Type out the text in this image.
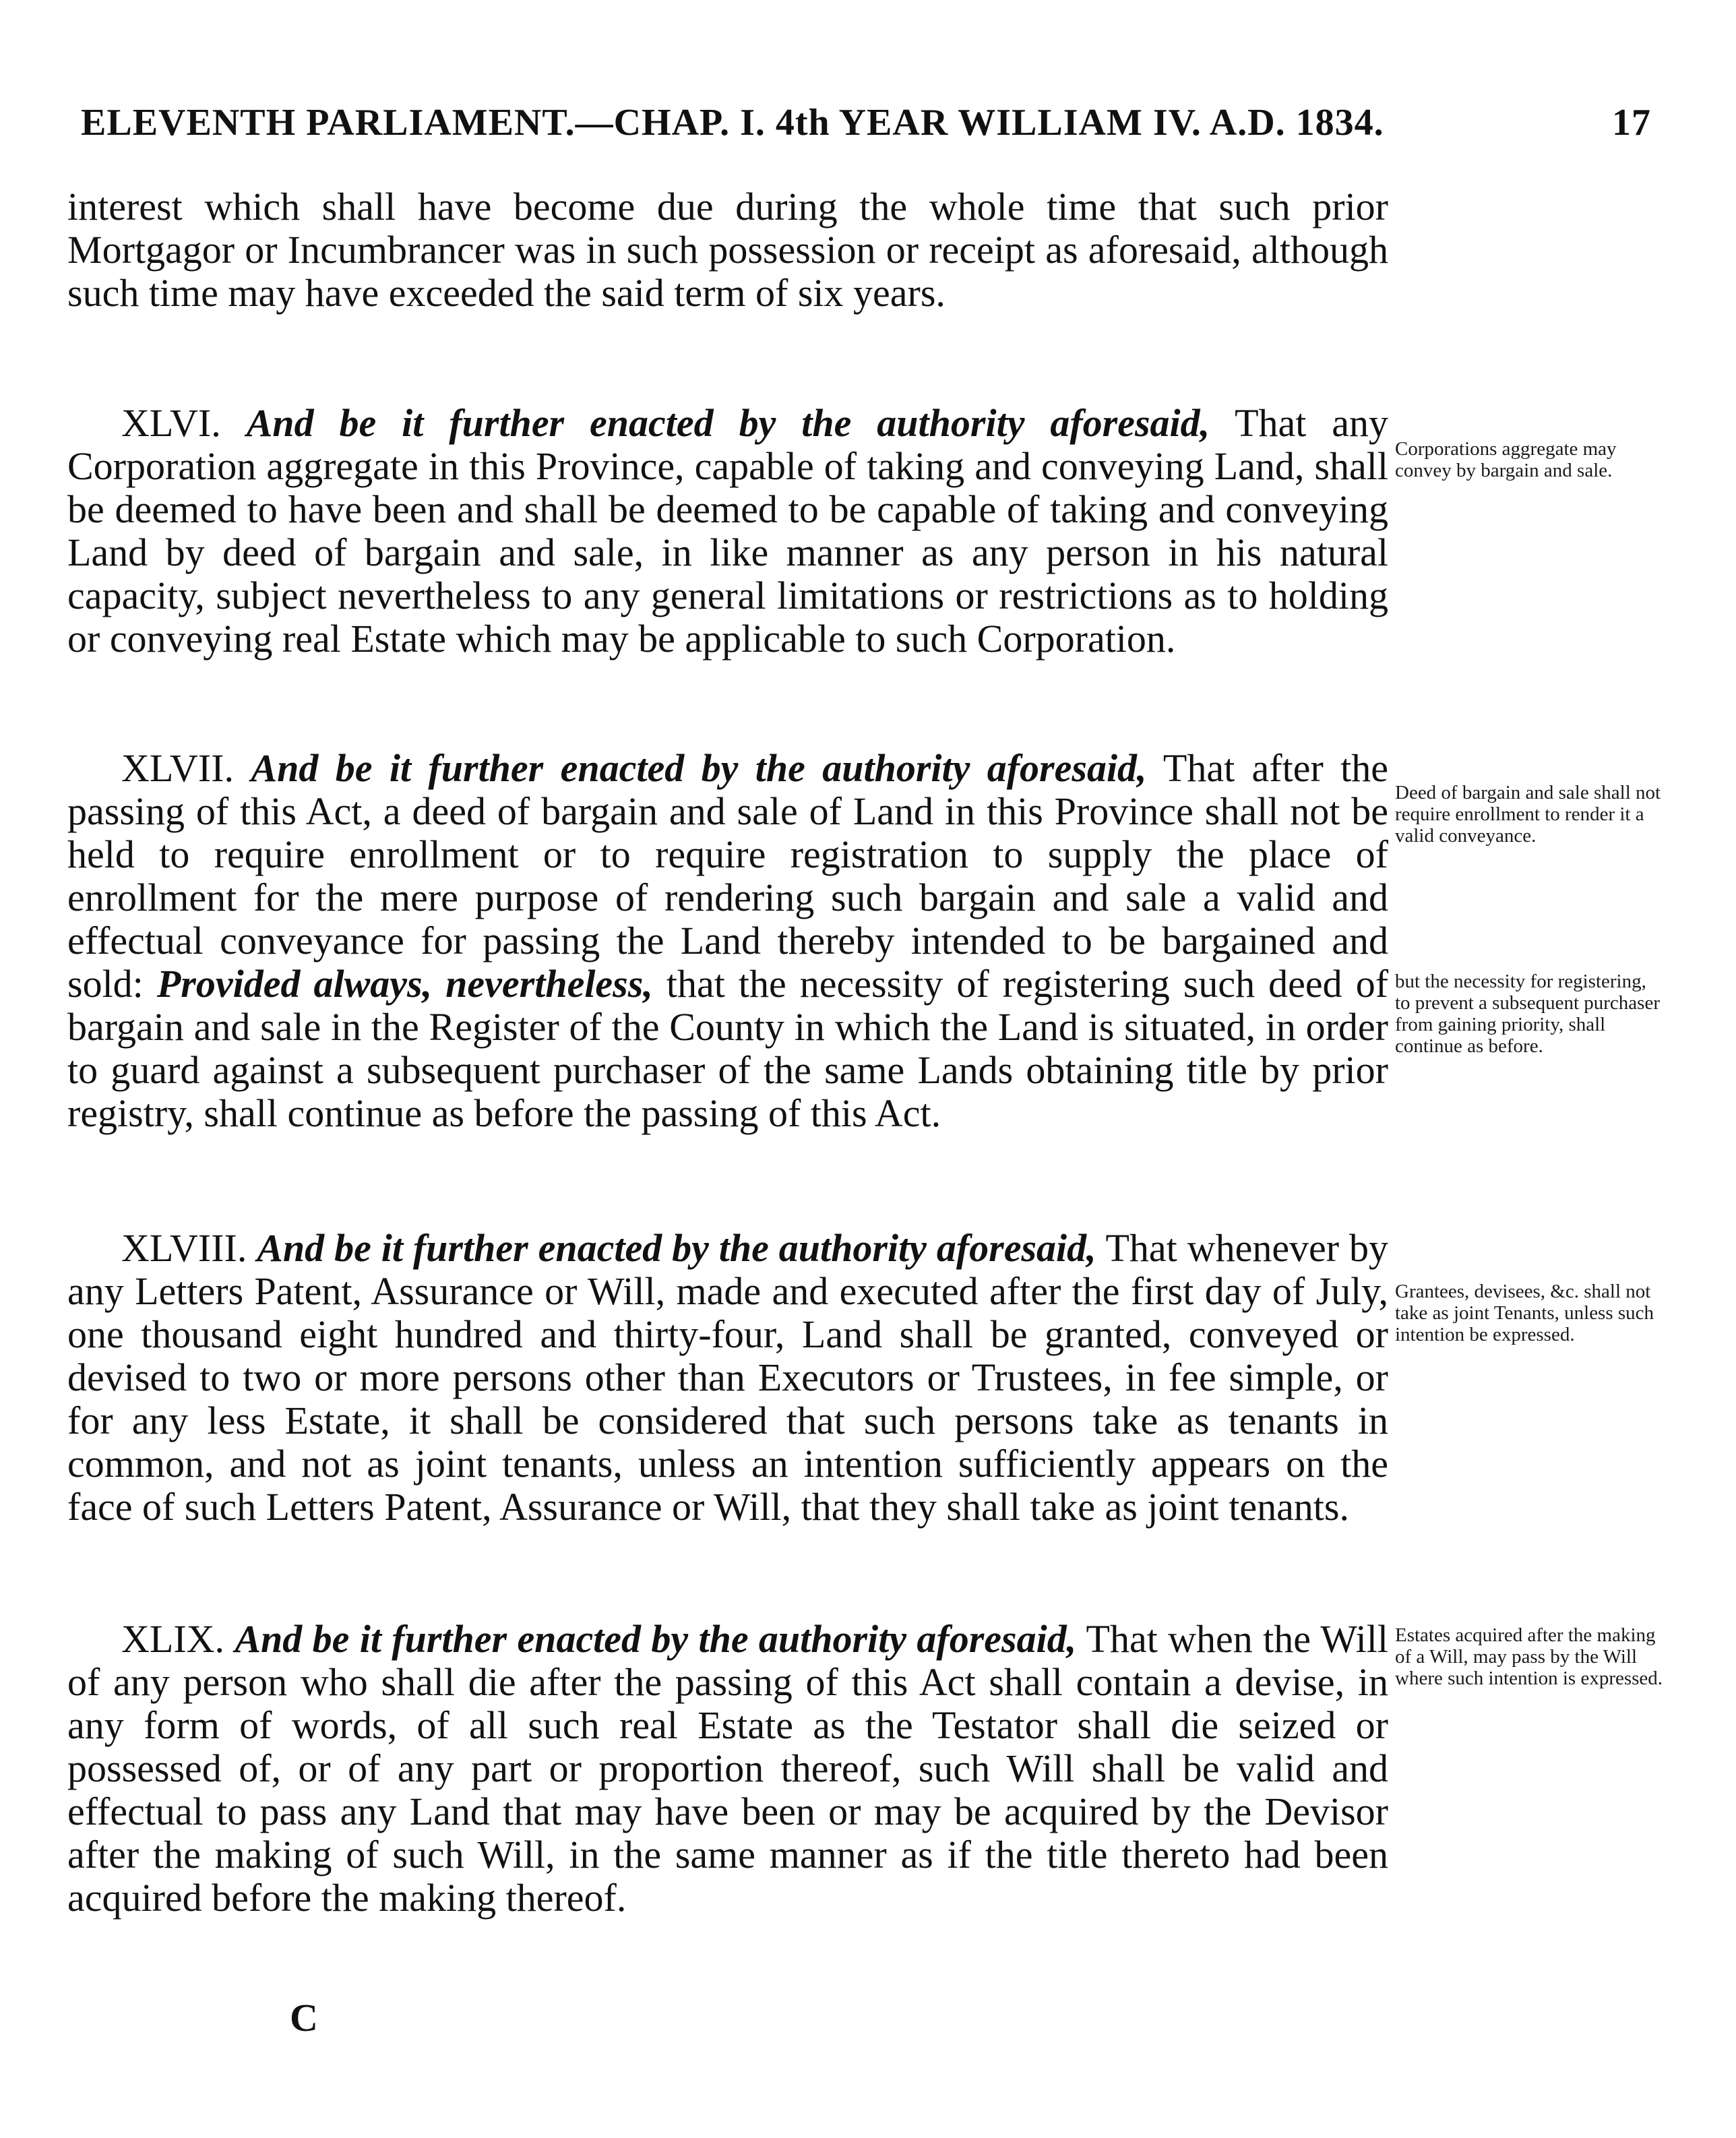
ELEVENTH PARLIAMENT.—CHAP. I. 4th YEAR WILLIAM IV. A.D. 1834.	17

interest which shall have become due during the whole time that such prior Mortgagor or Incumbrancer was in such possession or receipt as aforesaid, although such time may have exceeded the said term of six years.

XLVI. And be it further enacted by the authority aforesaid, That any Corporation aggregate in this Province, capable of taking and conveying Land, shall be deemed to have been and shall be deemed to be capable of taking and conveying Land by deed of bargain and sale, in like manner as any person in his natural capacity, subject nevertheless to any general limitations or restrictions as to holding or conveying real Estate which may be applicable to such Corporation.

Corporations aggregate may convey by bargain and sale.

XLVII. And be it further enacted by the authority aforesaid, That after the passing of this Act, a deed of bargain and sale of Land in this Province shall not be held to require enrollment or to require registration to supply the place of enrollment for the mere purpose of rendering such bargain and sale a valid and effectual conveyance for passing the Land thereby intended to be bargained and sold: Provided always, nevertheless, that the necessity of registering such deed of bargain and sale in the Register of the County in which the Land is situated, in order to guard against a subsequent purchaser of the same Lands obtaining title by prior registry, shall continue as before the passing of this Act.

Deed of bargain and sale shall not require enrollment to render it a valid conveyance.
but the necessity for registering, to prevent a subsequent purchaser from gaining priority, shall continue as before.

XLVIII. And be it further enacted by the authority aforesaid, That whenever by any Letters Patent, Assurance or Will, made and executed after the first day of July, one thousand eight hundred and thirty-four, Land shall be granted, conveyed or devised to two or more persons other than Executors or Trustees, in fee simple, or for any less Estate, it shall be considered that such persons take as tenants in common, and not as joint tenants, unless an intention sufficiently appears on the face of such Letters Patent, Assurance or Will, that they shall take as joint tenants.

Grantees, devisees, &c. shall not take as joint Tenants, unless such intention be expressed.

XLIX. And be it further enacted by the authority aforesaid, That when the Will of any person who shall die after the passing of this Act shall contain a devise, in any form of words, of all such real Estate as the Testator shall die seized or possessed of, or of any part or proportion thereof, such Will shall be valid and effectual to pass any Land that may have been or may be acquired by the Devisor after the making of such Will, in the same manner as if the title thereto had been acquired before the making thereof.

Estates acquired after the making of a Will, may pass by the Will where such intention is expressed.
C
